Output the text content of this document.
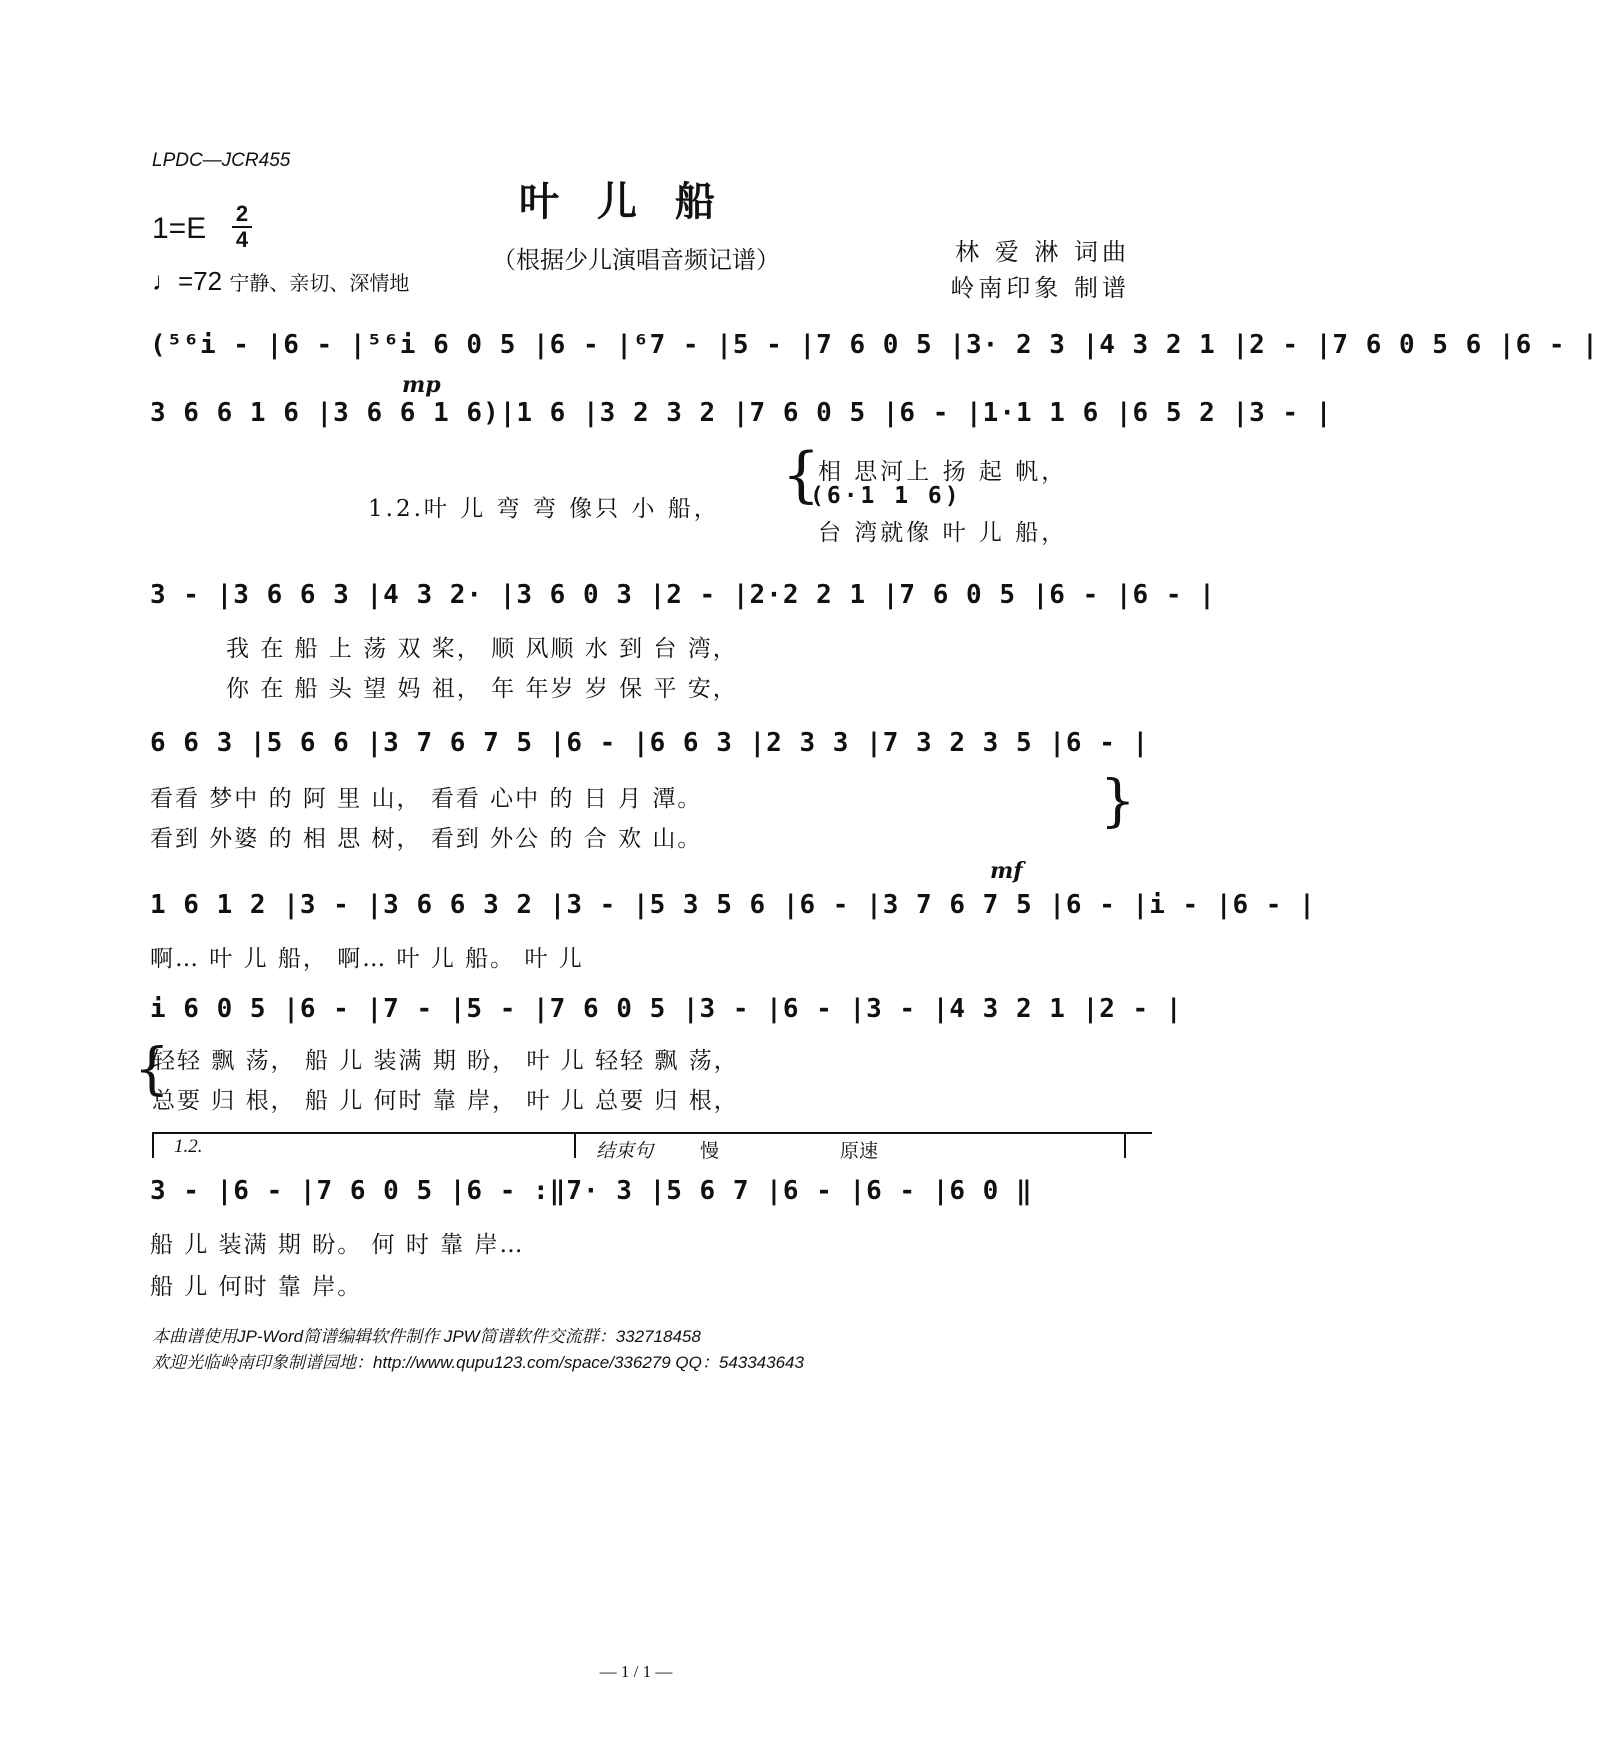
LPDC—JCR455
叶儿船
（根据少儿演唱音频记谱）
1=E 2
4
♩=72 宁静、亲切、深情地
林 爱 淋 词曲
岭南印象 制谱
(⁵⁶i - |6 - |⁵⁶i 6 0 5 |6 - |⁶7 - |5 - |7 6 0 5 |3· 2 3 |4 3 2 1 |2 - |7 6 0 5 6 |6 - |
mp
3 6 6 1 6 |3 6 6 1 6)|1 6 |3 2 3 2 |7 6 0 5 |6 - |1·1 1 6 |6 5 2 |3 - |
1.2.叶 儿 弯 弯 像只 小 船， {
相 思河上 扬 起 帆，
(6·1 1 6)
台 湾就像 叶 儿 船，
3 - |3 6 6 3 |4 3 2· |3 6 0 3 |2 - |2·2 2 1 |7 6 0 5 |6 - |6 - |
我 在 船 上 荡 双 桨， 顺 风顺 水 到 台 湾，
你 在 船 头 望 妈 祖， 年 年岁 岁 保 平 安，
6 6 3 |5 6 6 |3 7 6 7 5 |6 - |6 6 3 |2 3 3 |7 3 2 3 5 |6 - |
看看 梦中 的 阿 里 山， 看看 心中 的 日 月 潭。
看到 外婆 的 相 思 树， 看到 外公 的 合 欢 山。
}
mf
1 6 1 2 |3 - |3 6 6 3 2 |3 - |5 3 5 6 |6 - |3 7 6 7 5 |6 - |i - |6 - |
啊… 叶 儿 船， 啊… 叶 儿 船。 叶 儿
i 6 0 5 |6 - |7 - |5 - |7 6 0 5 |3 - |6 - |3 - |4 3 2 1 |2 - |
{
轻轻 飘 荡， 船 儿 装满 期 盼， 叶 儿 轻轻 飘 荡，
总要 归 根， 船 儿 何时 靠 岸， 叶 儿 总要 归 根，
1.2.	结束句 慢	原速
3 - |6 - |7 6 0 5 |6 - :‖7· 3 |5 6 7 |6 - |6 - |6 0 ‖
船 儿 装满 期 盼。 何 时 靠 岸…
船 儿 何时 靠 岸。
本曲谱使用JP-Word简谱编辑软件制作 JPW简谱软件交流群：332718458
欢迎光临岭南印象制谱园地：http://www.qupu123.com/space/336279 QQ：543343643
— 1 / 1 —
